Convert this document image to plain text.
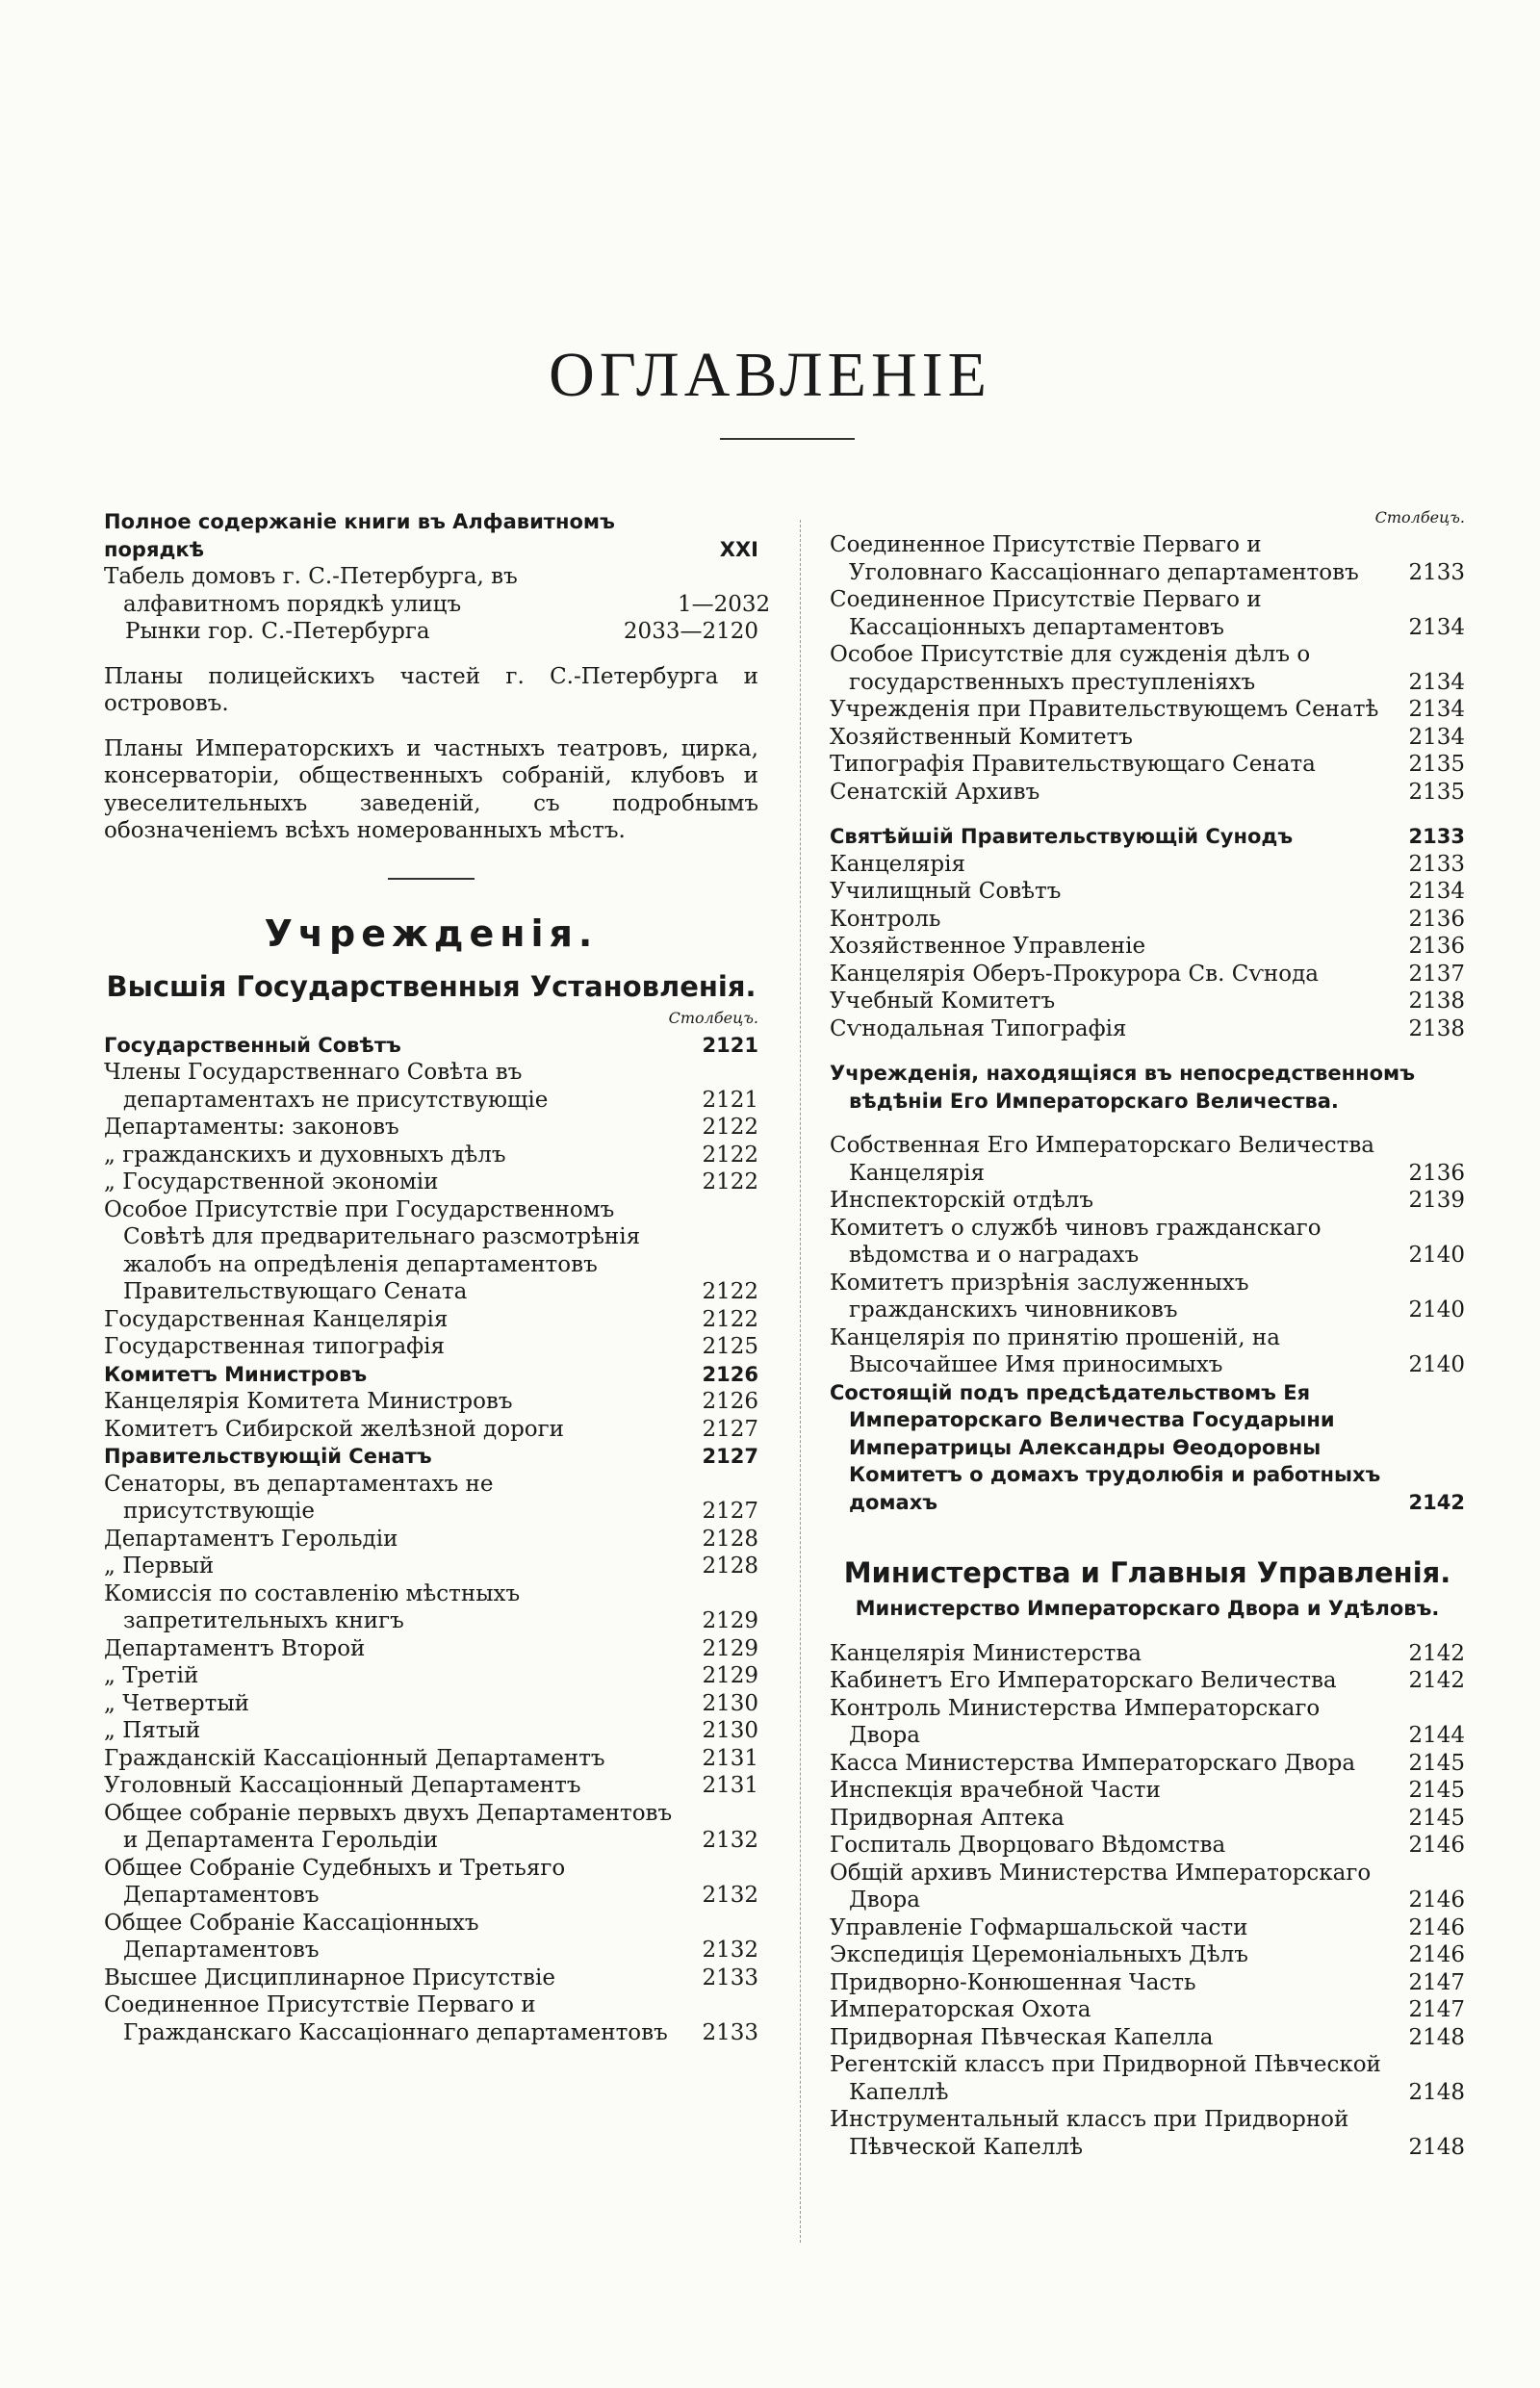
ОГЛАВЛЕНІЕ
Полное содержаніе книги въ Алфавитномъ порядкѣ	XXI
Табель домовъ г. С.-Петербурга, въ алфавитномъ порядкѣ улицъ	1—2032
Рынки гор. С.-Петербурга	2033—2120
Планы полицейскихъ частей г. С.-Петербурга и острововъ.
Планы Императорскихъ и частныхъ театровъ, цирка, консерваторіи, общественныхъ собраній, клубовъ и увеселительныхъ заведеній, съ подробнымъ обозначеніемъ всѣхъ номерованныхъ мѣстъ.
Учрежденія.
Высшія Государственныя Установленія.
Столбецъ.
Государственный Совѣтъ	2121
Члены Государственнаго Совѣта въ департаментахъ не присутствующіе	2121
Департаменты: законовъ	2122
„ гражданскихъ и духовныхъ дѣлъ	2122
„ Государственной экономіи	2122
Особое Присутствіе при Государственномъ Совѣтѣ для предварительнаго разсмотрѣнія жалобъ на опредѣленія департаментовъ Правительствующаго Сената	2122
Государственная Канцелярія	2122
Государственная типографія	2125
Комитетъ Министровъ	2126
Канцелярія Комитета Министровъ	2126
Комитетъ Сибирской желѣзной дороги	2127
Правительствующій Сенатъ	2127
Сенаторы, въ департаментахъ не присутствующіе	2127
Департаментъ Герольдіи	2128
„ Первый	2128
Комиссія по составленію мѣстныхъ запретительныхъ книгъ	2129
Департаментъ Второй	2129
„ Третій	2129
„ Четвертый	2130
„ Пятый	2130
Гражданскій Кассаціонный Департаментъ	2131
Уголовный Кассаціонный Департаментъ	2131
Общее собраніе первыхъ двухъ Департаментовъ и Департамента Герольдіи	2132
Общее Собраніе Судебныхъ и Третьяго Департаментовъ	2132
Общее Собраніе Кассаціонныхъ Департаментовъ	2132
Высшее Дисциплинарное Присутствіе	2133
Соединенное Присутствіе Перваго и Гражданскаго Кассаціоннаго департаментовъ	2133
Столбецъ.
Соединенное Присутствіе Перваго и Уголовнаго Кассаціоннаго департаментовъ	2133
Соединенное Присутствіе Перваго и Кассаціонныхъ департаментовъ	2134
Особое Присутствіе для сужденія дѣлъ о государственныхъ преступленіяхъ	2134
Учрежденія при Правительствующемъ Сенатѣ	2134
Хозяйственный Комитетъ	2134
Типографія Правительствующаго Сената	2135
Сенатскій Архивъ	2135
Святѣйшій Правительствующій Сунодъ	2133
Канцелярія	2133
Училищный Совѣтъ	2134
Контроль	2136
Хозяйственное Управленіе	2136
Канцелярія Оберъ-Прокурора Св. Сѵнода	2137
Учебный Комитетъ	2138
Сѵнодальная Типографія	2138
Учрежденія, находящіяся въ непосредственномъ вѣдѣніи Его Императорскаго Величества.
Собственная Его Императорскаго Величества Канцелярія	2136
Инспекторскій отдѣлъ	2139
Комитетъ о службѣ чиновъ гражданскаго вѣдомства и о наградахъ	2140
Комитетъ призрѣнія заслуженныхъ гражданскихъ чиновниковъ	2140
Канцелярія по принятію прошеній, на Высочайшее Имя приносимыхъ	2140
Состоящій подъ предсѣдательствомъ Ея Императорскаго Величества Государыни Императрицы Александры Ѳеодоровны Комитетъ о домахъ трудолюбія и работныхъ домахъ	2142
Министерства и Главныя Управленія.
Министерство Императорскаго Двора и Удѣловъ.
Канцелярія Министерства	2142
Кабинетъ Его Императорскаго Величества	2142
Контроль Министерства Императорскаго Двора	2144
Касса Министерства Императорскаго Двора	2145
Инспекція врачебной Части	2145
Придворная Аптека	2145
Госпиталь Дворцоваго Вѣдомства	2146
Общій архивъ Министерства Императорскаго Двора	2146
Управленіе Гофмаршальской части	2146
Экспедиція Церемоніальныхъ Дѣлъ	2146
Придворно-Конюшенная Часть	2147
Императорская Охота	2147
Придворная Пѣвческая Капелла	2148
Регентскій классъ при Придворной Пѣвческой Капеллѣ	2148
Инструментальный классъ при Придворной Пѣвческой Капеллѣ	2148
